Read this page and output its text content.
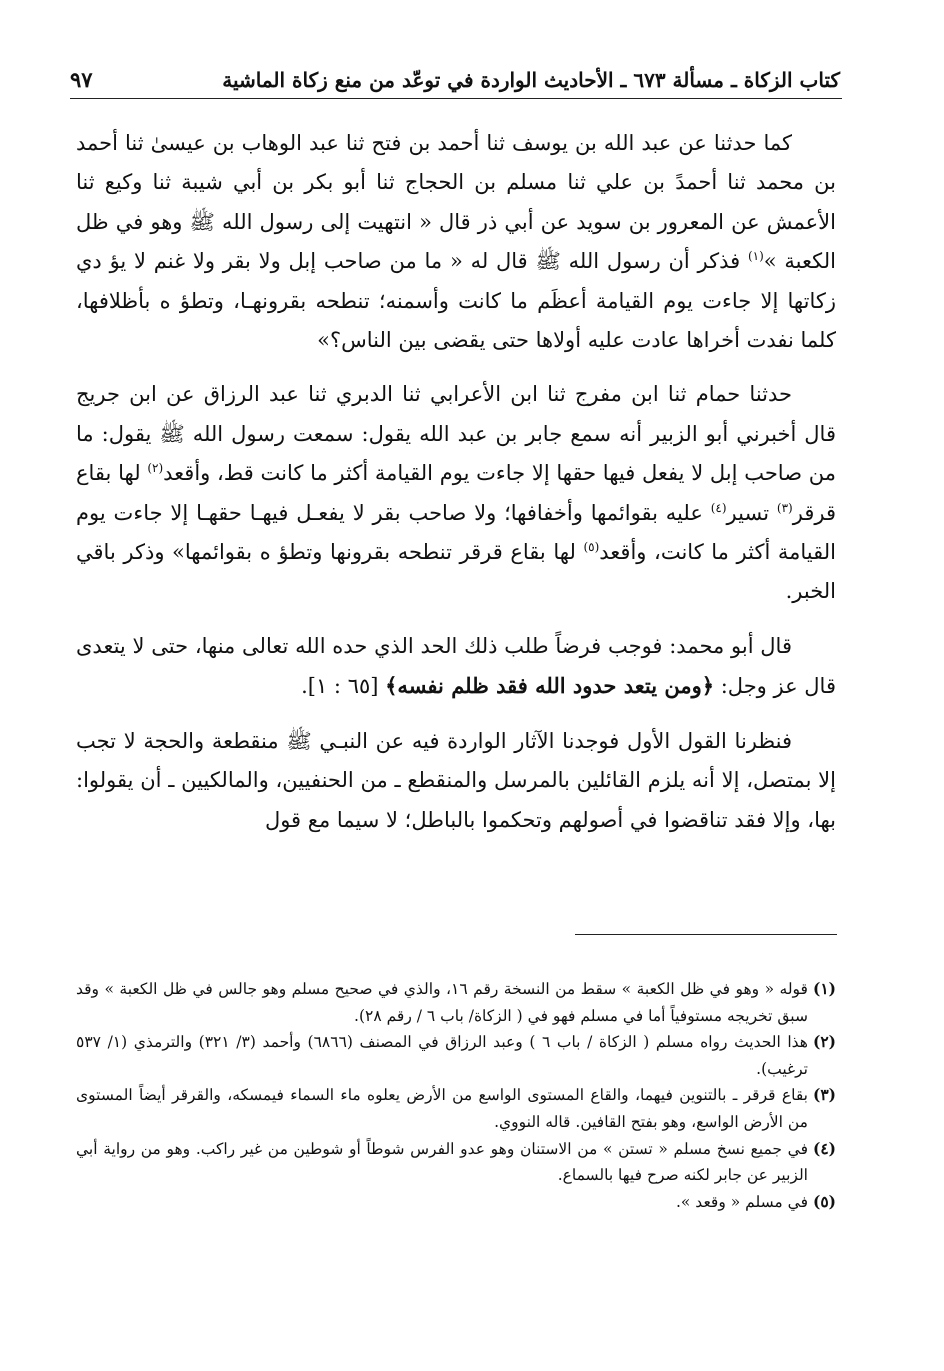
كتاب الزكاة ـ مسألة ٦٧٣ ـ الأحاديث الواردة في توعّد من منع زكاة الماشية
٩٧

كما حدثنا عن عبد الله بن يوسف ثنا أحمد بن فتح ثنا عبد الوهاب بن عيسىٰ ثنا أحمد بن محمد ثنا أحمدً بن علي ثنا مسلم بن الحجاج ثنا أبو بكر بن أبي شيبة ثنا وكيع ثنا الأعمش عن المعرور بن سويد عن أبي ذر قال « انتهيت إلى رسول الله ﷺ وهو في ظل الكعبة »$^{(١)}$ فذكر أن رسول الله ﷺ قال له « ما من صاحب إبل ولا بقر ولا غنم لا يؤ دي زكاتها إلا جاءت يوم القيامة أعظَم ما كانت وأسمنه؛ تنطحه بقرونهـا، وتطؤ ه بأظلافها، كلما نفدت أخراها عادت عليه أولاها حتى يقضى بين الناس؟»

حدثنا حمام ثنا ابن مفرج ثنا ابن الأعرابي ثنا الدبري ثنا عبد الرزاق عن ابن جريج قال أخبرني أبو الزبير أنه سمع جابر بن عبد الله يقول: سمعت رسول الله ﷺ يقول: ما من صاحب إبل لا يفعل فيها حقها إلا جاءت يوم القيامة أكثر ما كانت قط، وأقعد$^{(٢)}$ لها بقاع قرقر$^{(٣)}$ تسير$^{(٤)}$ عليه بقوائمها وأخفافها؛ ولا صاحب بقر لا يفعـل فيهـا حقهـا إلا جاءت يوم القيامة أكثر ما كانت، وأقعد$^{(٥)}$ لها بقاع قرقر تنطحه بقرونها وتطؤ ه بقوائمها» وذكر باقي الخبر.

قال أبو محمد: فوجب فرضاً طلب ذلك الحد الذي حده الله تعالى منها، حتى لا يتعدى قال عز وجل: ﴿ومن يتعد حدود الله فقد ظلم نفسه﴾ [٦٥ : ١].

فنظرنا القول الأول فوجدنا الآثار الواردة فيه عن النبـي ﷺ منقطعة والحجة لا تجب إلا بمتصل، إلا أنه يلزم القائلين بالمرسل والمنقطع ـ من الحنفيين، والمالكيين ـ أن يقولوا: بها، وإلا فقد تناقضوا في أصولهم وتحكموا بالباطل؛ لا سيما مع قول

(١)
قوله « وهو في ظل الكعبة » سقط من النسخة رقم ١٦، والذي في صحيح مسلم وهو جالس في ظل الكعبة » وقد سبق تخريجه مستوفياً أما في مسلم فهو في ( الزكاة/ باب ٦ / رقم ٢٨).

(٢)
هذا الحديث رواه مسلم ( الزكاة / باب ٦ ) وعبد الرزاق في المصنف (٦٨٦٦) وأحمد (٣/ ٣٢١) والترمذي (١/ ٥٣٧ ترغيب).

(٣)
بقاع قرقر ـ بالتنوين فيهما، والقاع المستوى الواسع من الأرض يعلوه ماء السماء فيمسكه، والقرقر أيضاً المستوى من الأرض الواسع، وهو بفتح القافين. قاله النووي.

(٤)
في جميع نسخ مسلم « تستن » من الاستنان وهو عدو الفرس شوطاً أو شوطين من غير راكب. وهو من رواية أبي الزبير عن جابر لكنه صرح فيها بالسماع.

(٥)
في مسلم « وقعد ».
